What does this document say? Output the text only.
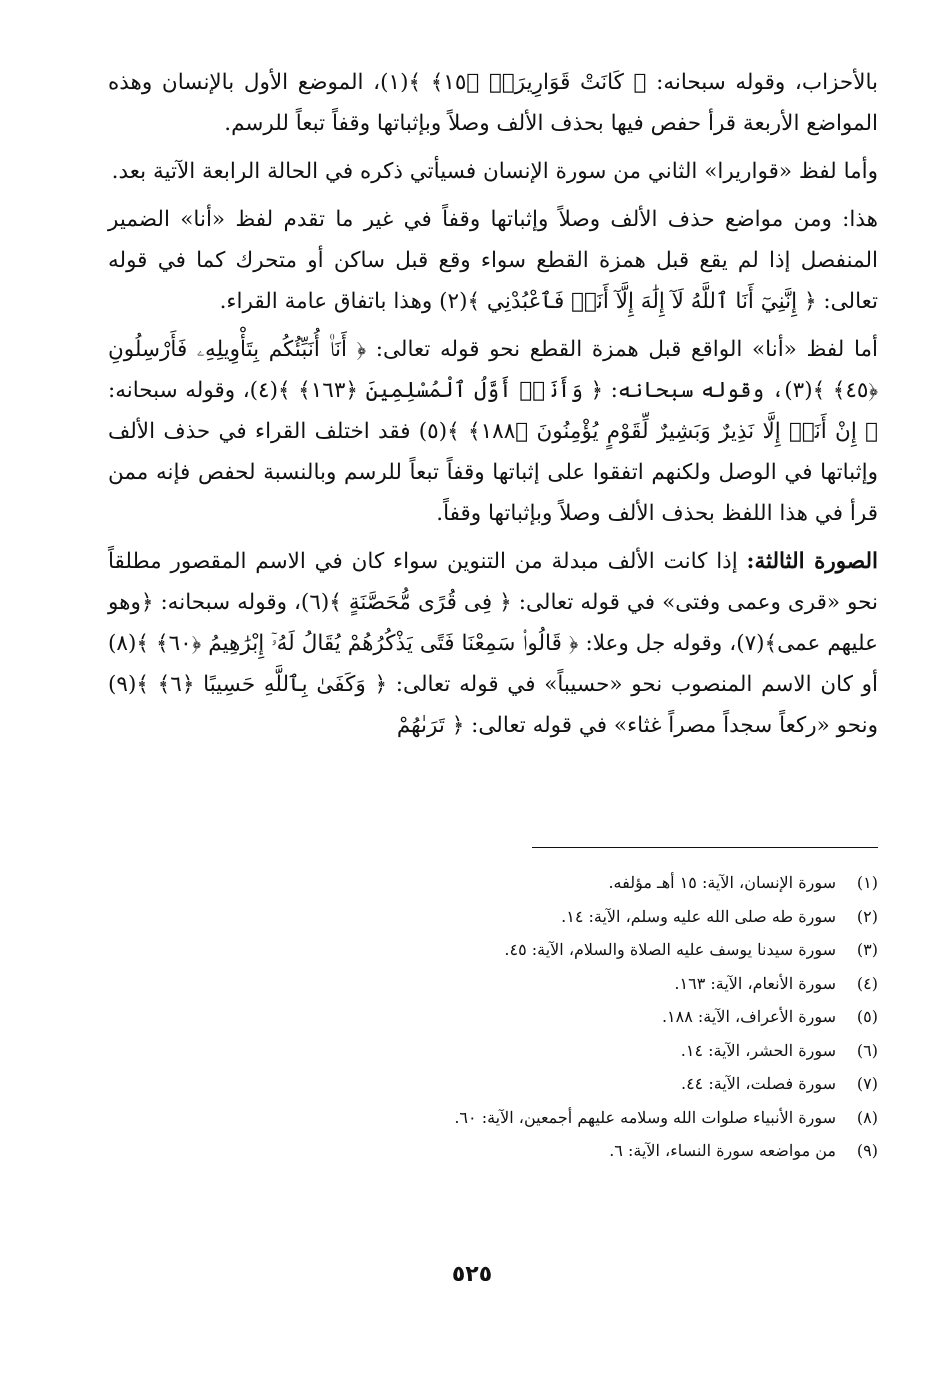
بالأحزاب، وقوله سبحانه: ﴿ كَانَتْ قَوَارِيرَا۠ ﴿١٥﴾ ﴾(١)، الموضع الأول بالإنسان وهذه المواضع الأربعة قرأ حفص فيها بحذف الألف وصلاً وبإثباتها وقفاً تبعاً للرسم.

وأما لفظ «قواريرا» الثاني من سورة الإنسان فسيأتي ذكره في الحالة الرابعة الآتية بعد.

هذا: ومن مواضع حذف الألف وصلاً وإثباتها وقفاً في غير ما تقدم لفظ «أنا» الضمير المنفصل إذا لم يقع قبل همزة القطع سواء وقع قبل ساكن أو متحرك كما في قوله تعالى: ﴿ إِنَّنِيٓ أَنَا ٱللَّهُ لَآ إِلَٰهَ إِلَّآ أَنَا۠ فَٱعْبُدْنِي ﴾(٢) وهذا باتفاق عامة القراء.

أما لفظ «أنا» الواقع قبل همزة القطع نحو قوله تعالى: ﴿ أَنَا۠ أُنَبِّئُكُم بِتَأْوِيلِهِۦ فَأَرْسِلُونِ ﴿٤٥﴾ ﴾(٣)، وقوله سبحانه: ﴿ وَأَنَا۠ أَوَّلُ ٱلْمُسْلِمِينَ ﴿١٦٣﴾ ﴾(٤)، وقوله سبحانه: ﴿ إِنْ أَنَا۠ إِلَّا نَذِيرٌ وَبَشِيرٌ لِّقَوْمٍ يُؤْمِنُونَ ﴿١٨٨﴾ ﴾(٥) فقد اختلف القراء في حذف الألف وإثباتها في الوصل ولكنهم اتفقوا على إثباتها وقفاً تبعاً للرسم وبالنسبة لحفص فإنه ممن قرأ في هذا اللفظ بحذف الألف وصلاً وبإثباتها وقفاً.

الصورة الثالثة: إذا كانت الألف مبدلة من التنوين سواء كان في الاسم المقصور مطلقاً نحو «قرى وعمى وفتى» في قوله تعالى: ﴿ فِى قُرًى مُّحَصَّنَةٍ ﴾(٦)، وقوله سبحانه: ﴿وهو عليهم عمى﴾(٧)، وقوله جل وعلا: ﴿ قَالُوا۟ سَمِعْنَا فَتًى يَذْكُرُهُمْ يُقَالُ لَهُۥٓ إِبْرَٰهِيمُ ﴿٦٠﴾ ﴾(٨) أو كان الاسم المنصوب نحو «حسيباً» في قوله تعالى: ﴿ وَكَفَىٰ بِٱللَّهِ حَسِيبًا ﴿٦﴾ ﴾(٩) ونحو «ركعاً سجداً مصراً غثاء» في قوله تعالى: ﴿ تَرَىٰهُمْ

(١)
سورة الإنسان، الآية: ١٥ أهـ مؤلفه.
(٢)
سورة طه صلى الله عليه وسلم، الآية: ١٤.
(٣)
سورة سيدنا يوسف عليه الصلاة والسلام، الآية: ٤٥.
(٤)
سورة الأنعام، الآية: ١٦٣.
(٥)
سورة الأعراف، الآية: ١٨٨.
(٦)
سورة الحشر، الآية: ١٤.
(٧)
سورة فصلت، الآية: ٤٤.
(٨)
سورة الأنبياء صلوات الله وسلامه عليهم أجمعين، الآية: ٦٠.
(٩)
من مواضعه سورة النساء، الآية: ٦.
٥٢٥
